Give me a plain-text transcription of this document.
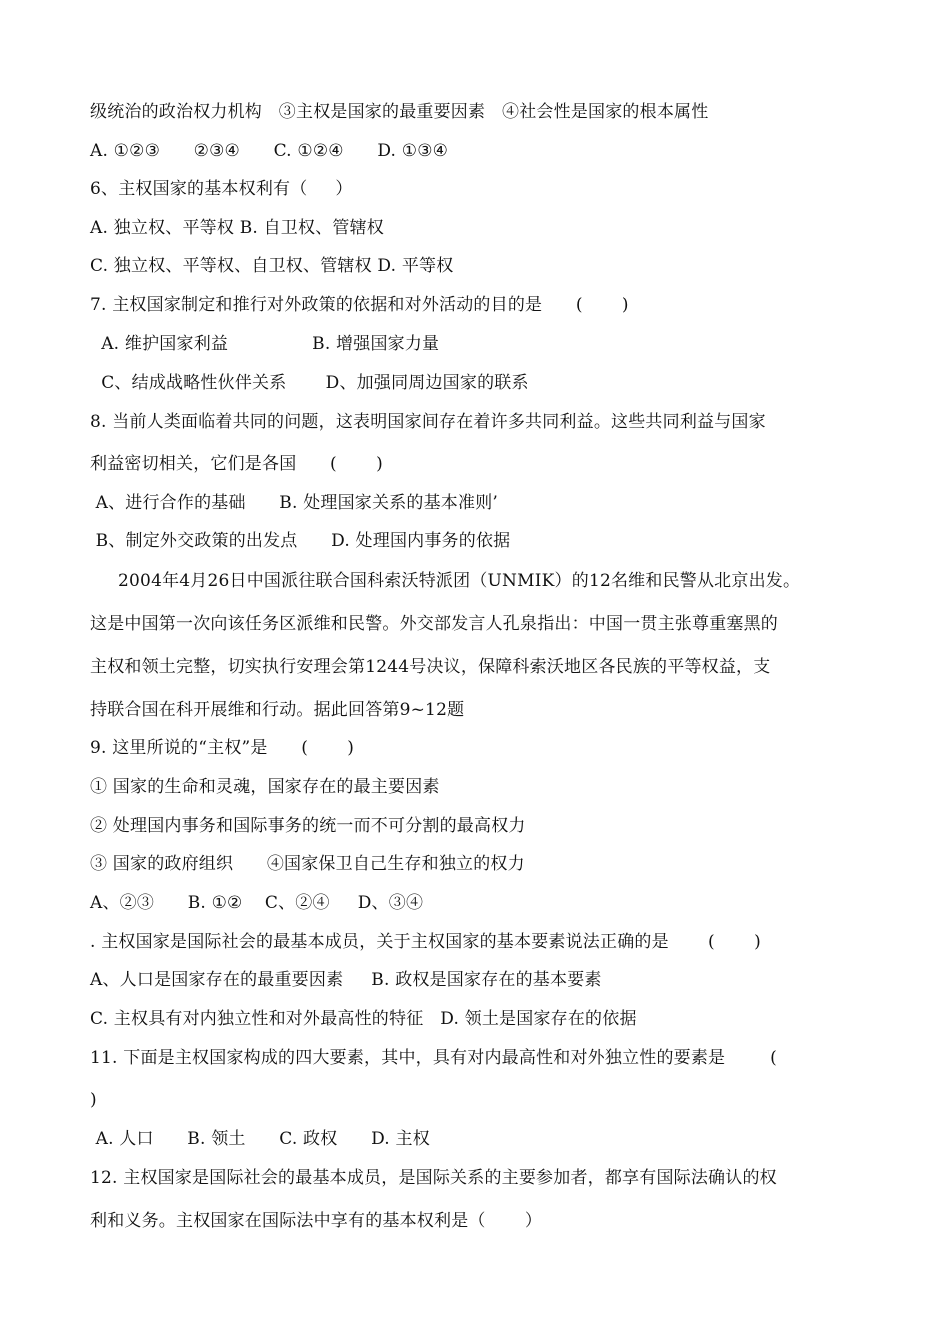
级统治的政治权力机构   ③主权是国家的最重要因素   ④社会性是国家的根本属性
A. ①②③      ②③④      C. ①②④      D. ①③④
6、主权国家的基本权利有（     ）
A. 独立权、平等权 B. 自卫权、管辖权
C. 独立权、平等权、自卫权、管辖权 D. 平等权
7. 主权国家制定和推行对外政策的依据和对外活动的目的是      (       )
A. 维护国家利益               B. 增强国家力量
C、结成战略性伙伴关系       D、加强同周边国家的联系
8. 当前人类面临着共同的问题，这表明国家间存在着许多共同利益。这些共同利益与国家
利益密切相关，它们是各国      (       )
A、进行合作的基础      B. 处理国家关系的基本准则’
B、制定外交政策的出发点      D. 处理国内事务的依据
2004年4月26日中国派往联合国科索沃特派团（UNMIK）的12名维和民警从北京出发。
这是中国第一次向该任务区派维和民警。外交部发言人孔泉指出：中国一贯主张尊重塞黑的
主权和领土完整，切实执行安理会第1244号决议，保障科索沃地区各民族的平等权益，支
持联合国在科开展维和行动。据此回答第9~12题
9. 这里所说的“主权”是      (       )
① 国家的生命和灵魂，国家存在的最主要因素
② 处理国内事务和国际事务的统一而不可分割的最高权力
③ 国家的政府组织      ④国家保卫自己生存和独立的权力
A、②③      B. ①②    C、②④     D、③④
. 主权国家是国际社会的最基本成员，关于主权国家的基本要素说法正确的是       (       )
A、人口是国家存在的最重要因素     B. 政权是国家存在的基本要素
C. 主权具有对内独立性和对外最高性的特征   D. 领土是国家存在的依据
11. 下面是主权国家构成的四大要素，其中，具有对内最高性和对外独立性的要素是        (
)
A. 人口      B. 领土      C. 政权      D. 主权
12. 主权国家是国际社会的最基本成员，是国际关系的主要参加者，都享有国际法确认的权
利和义务。主权国家在国际法中享有的基本权利是（       ）
